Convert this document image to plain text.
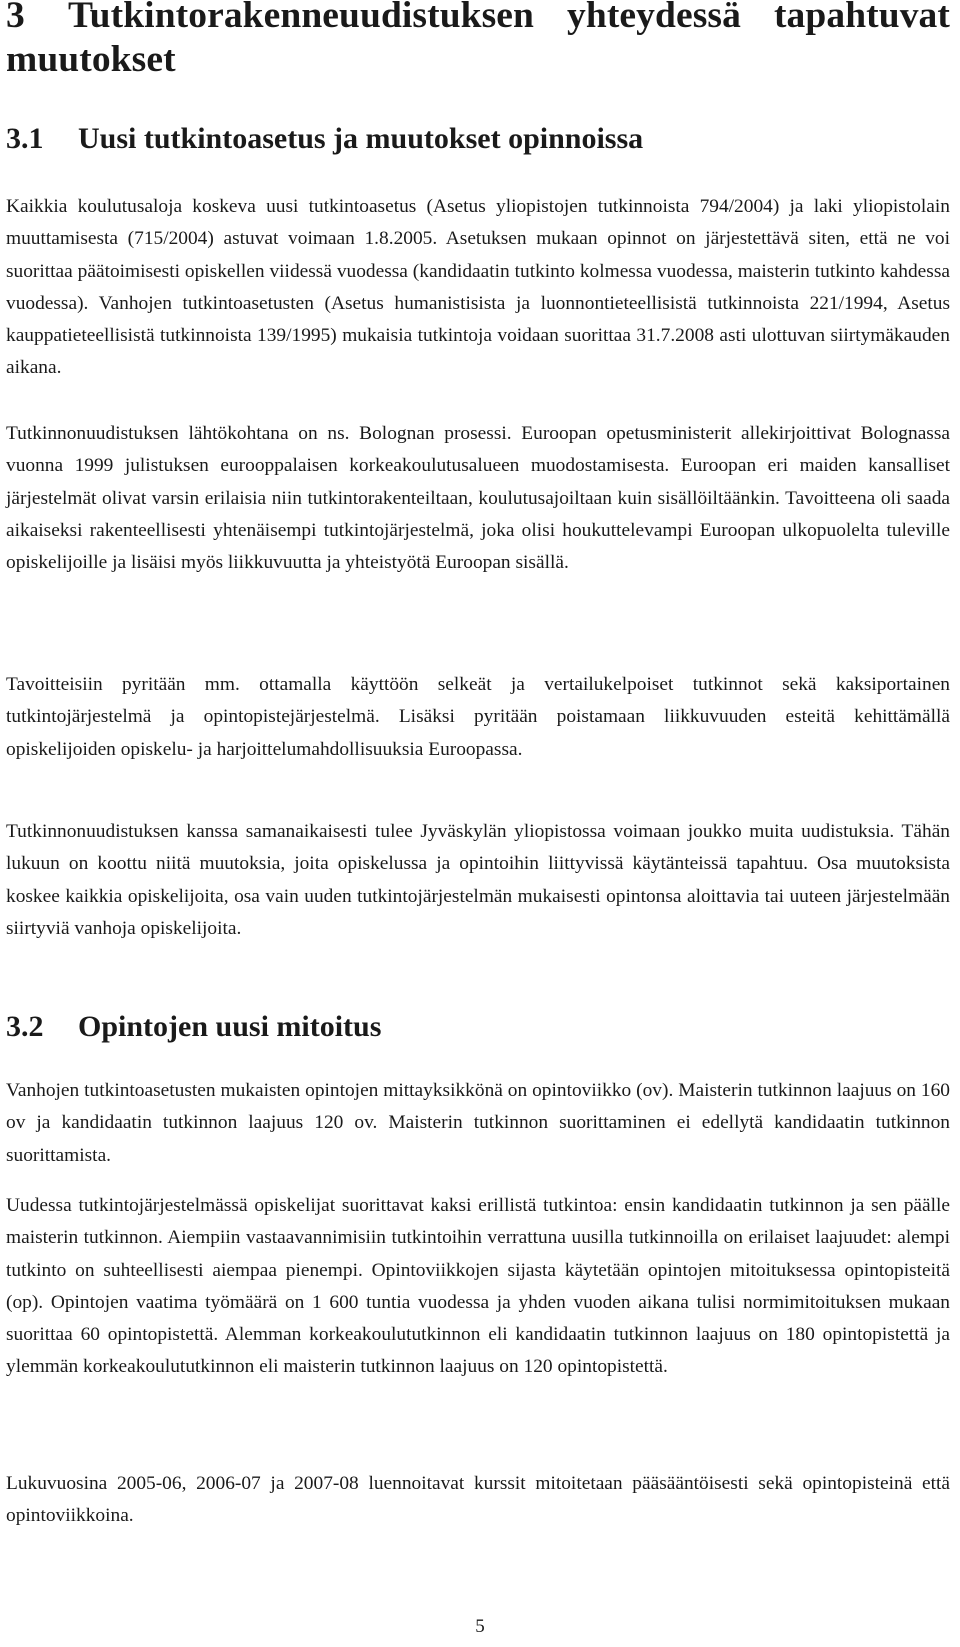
3 Tutkintorakenneuudistuksen yhteydessä tapahtuvat muutokset
3.1 Uusi tutkintoasetus ja muutokset opinnoissa

Kaikkia koulutusaloja koskeva uusi tutkintoasetus (Asetus yliopistojen tutkinnoista 794/2004) ja laki yliopistolain muuttamisesta (715/2004) astuvat voimaan 1.8.2005. Asetuksen mukaan opinnot on järjestettävä siten, että ne voi suorittaa päätoimisesti opiskellen viidessä vuodessa (kandidaatin tutkinto kolmessa vuodessa, maisterin tutkinto kahdessa vuodessa). Vanhojen tutkintoasetusten (Asetus humanistisista ja luonnontieteellisistä tutkinnoista 221/1994, Asetus kauppatieteellisistä tutkinnoista 139/1995) mukaisia tutkintoja voidaan suorittaa 31.7.2008 asti ulottuvan siirtymäkauden aikana.

Tutkinnonuudistuksen lähtökohtana on ns. Bolognan prosessi. Euroopan opetusministerit allekirjoittivat Bolognassa vuonna 1999 julistuksen eurooppalaisen korkeakoulutusalueen muodostamisesta. Euroopan eri maiden kansalliset järjestelmät olivat varsin erilaisia niin tutkintorakenteiltaan, koulutusajoiltaan kuin sisällöiltäänkin. Tavoitteena oli saada aikaiseksi rakenteellisesti yhtenäisempi tutkintojärjestelmä, joka olisi houkuttelevampi Euroopan ulkopuolelta tuleville opiskelijoille ja lisäisi myös liikkuvuutta ja yhteistyötä Euroopan sisällä.

Tavoitteisiin pyritään mm. ottamalla käyttöön selkeät ja vertailukelpoiset tutkinnot sekä kaksiportainen tutkintojärjestelmä ja opintopistejärjestelmä. Lisäksi pyritään poistamaan liikkuvuuden esteitä kehittämällä opiskelijoiden opiskelu- ja harjoittelumahdollisuuksia Euroopassa.

Tutkinnonuudistuksen kanssa samanaikaisesti tulee Jyväskylän yliopistossa voimaan joukko muita uudistuksia. Tähän lukuun on koottu niitä muutoksia, joita opiskelussa ja opintoihin liittyvissä käytänteissä tapahtuu. Osa muutoksista koskee kaikkia opiskelijoita, osa vain uuden tutkintojärjestelmän mukaisesti opintonsa aloittavia tai uuteen järjestelmään siirtyviä vanhoja opiskelijoita.

3.2 Opintojen uusi mitoitus

Vanhojen tutkintoasetusten mukaisten opintojen mittayksikkönä on opintoviikko (ov). Maisterin tutkinnon laajuus on 160 ov ja kandidaatin tutkinnon laajuus 120 ov. Maisterin tutkinnon suorittaminen ei edellytä kandidaatin tutkinnon suorittamista.

Uudessa tutkintojärjestelmässä opiskelijat suorittavat kaksi erillistä tutkintoa: ensin kandidaatin tutkinnon ja sen päälle maisterin tutkinnon. Aiempiin vastaavannimisiin tutkintoihin verrattuna uusilla tutkinnoilla on erilaiset laajuudet: alempi tutkinto on suhteellisesti aiempaa pienempi. Opintoviikkojen sijasta käytetään opintojen mitoituksessa opintopisteitä (op). Opintojen vaatima työmäärä on 1 600 tuntia vuodessa ja yhden vuoden aikana tulisi normimitoituksen mukaan suorittaa 60 opintopistettä. Alemman korkeakoulututkinnon eli kandidaatin tutkinnon laajuus on 180 opintopistettä ja ylemmän korkeakoulututkinnon eli maisterin tutkinnon laajuus on 120 opintopistettä.

Lukuvuosina 2005-06, 2006-07 ja 2007-08 luennoitavat kurssit mitoitetaan pääsääntöisesti sekä opintopisteinä että opintoviikkoina.

5
